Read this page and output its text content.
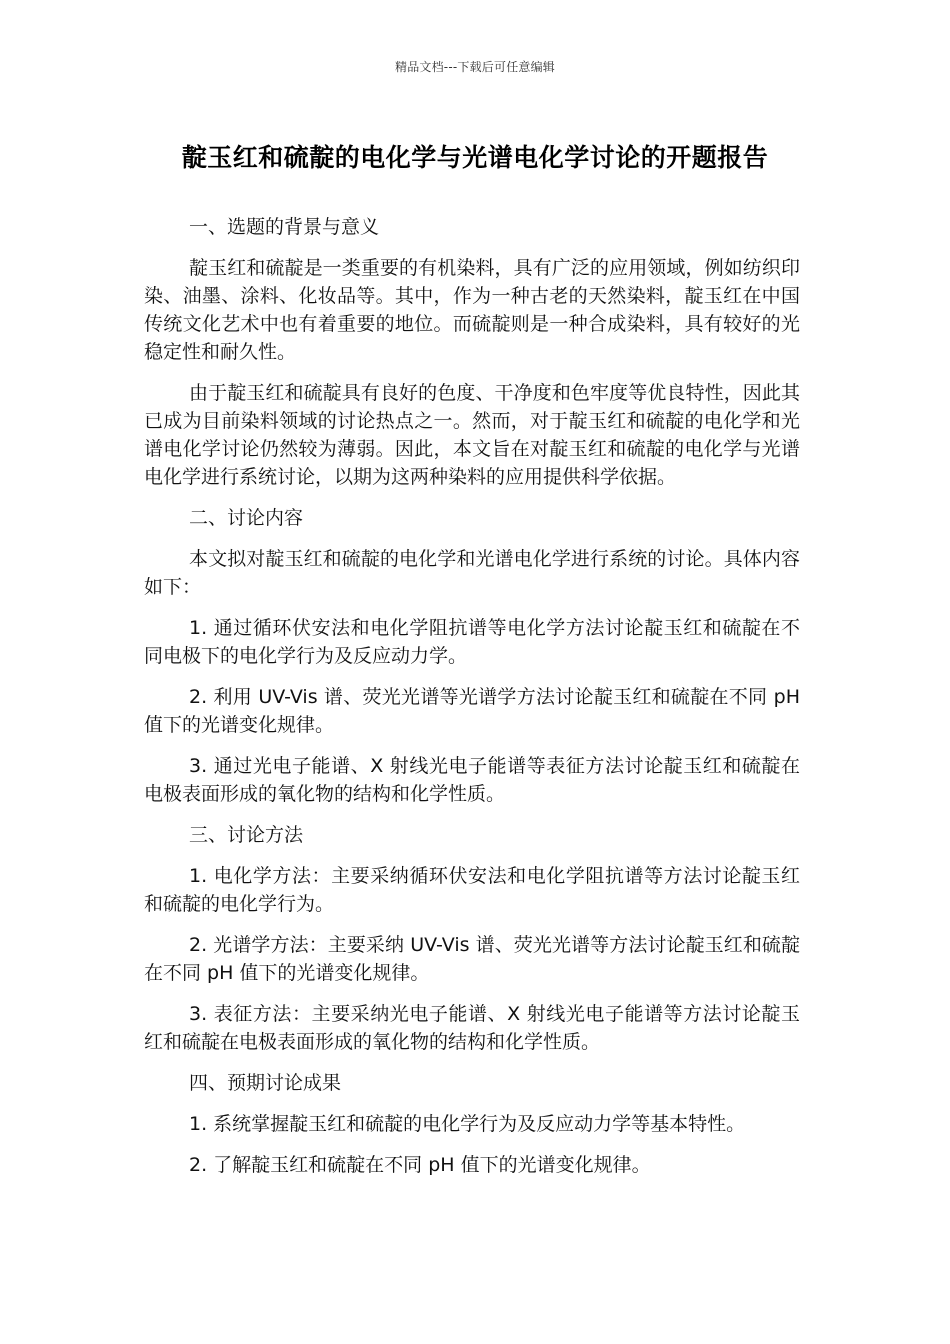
精品文档---下载后可任意编辑
靛玉红和硫靛的电化学与光谱电化学讨论的开题报告
一、选题的背景与意义
靛玉红和硫靛是一类重要的有机染料，具有广泛的应用领域，例如纺织印染、油墨、涂料、化妆品等。其中，作为一种古老的天然染料，靛玉红在中国传统文化艺术中也有着重要的地位。而硫靛则是一种合成染料，具有较好的光稳定性和耐久性。
由于靛玉红和硫靛具有良好的色度、干净度和色牢度等优良特性，因此其已成为目前染料领域的讨论热点之一。然而，对于靛玉红和硫靛的电化学和光谱电化学讨论仍然较为薄弱。因此，本文旨在对靛玉红和硫靛的电化学与光谱电化学进行系统讨论，以期为这两种染料的应用提供科学依据。
二、讨论内容
本文拟对靛玉红和硫靛的电化学和光谱电化学进行系统的讨论。具体内容如下：
1. 通过循环伏安法和电化学阻抗谱等电化学方法讨论靛玉红和硫靛在不同电极下的电化学行为及反应动力学。
2. 利用 UV-Vis 谱、荧光光谱等光谱学方法讨论靛玉红和硫靛在不同 pH 值下的光谱变化规律。
3. 通过光电子能谱、X 射线光电子能谱等表征方法讨论靛玉红和硫靛在电极表面形成的氧化物的结构和化学性质。
三、讨论方法
1. 电化学方法：主要采纳循环伏安法和电化学阻抗谱等方法讨论靛玉红和硫靛的电化学行为。
2. 光谱学方法：主要采纳 UV-Vis 谱、荧光光谱等方法讨论靛玉红和硫靛在不同 pH 值下的光谱变化规律。
3. 表征方法：主要采纳光电子能谱、X 射线光电子能谱等方法讨论靛玉红和硫靛在电极表面形成的氧化物的结构和化学性质。
四、预期讨论成果
1. 系统掌握靛玉红和硫靛的电化学行为及反应动力学等基本特性。
2. 了解靛玉红和硫靛在不同 pH 值下的光谱变化规律。
